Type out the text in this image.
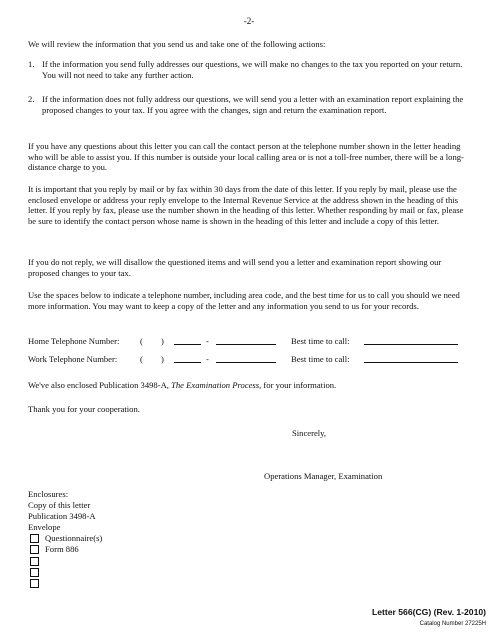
-2-
We will review the information that you send us and take one of the following actions:
1. If the information you send fully addresses our questions, we will make no changes to the tax you reported on your return. You will not need to take any further action.
2. If the information does not fully address our questions, we will send you a letter with an examination report explaining the proposed changes to your tax. If you agree with the changes, sign and return the examination report.
If you have any questions about this letter you can call the contact person at the telephone number shown in the letter heading who will be able to assist you. If this number is outside your local calling area or is not a toll-free number, there will be a long-distance charge to you.
It is important that you reply by mail or by fax within 30 days from the date of this letter. If you reply by mail, please use the enclosed envelope or address your reply envelope to the Internal Revenue Service at the address shown in the heading of this letter. If you reply by fax, please use the number shown in the heading of this letter. Whether responding by mail or fax, please be sure to identify the contact person whose name is shown in the heading of this letter and include a copy of this letter.
If you do not reply, we will disallow the questioned items and will send you a letter and examination report showing our proposed changes to your tax.
Use the spaces below to indicate a telephone number, including area code, and the best time for us to call you should we need more information. You may want to keep a copy of the letter and any information you send to us for your records.
Home Telephone Number: ( )	-	Best time to call:
Work Telephone Number:	( )	-	Best time to call:
We've also enclosed Publication 3498-A, The Examination Process, for your information.
Thank you for your cooperation.
Sincerely,
Operations Manager, Examination
Enclosures:
Copy of this letter
Publication 3498-A
Envelope
Questionnaire(s)
Form 886
Letter 566(CG) (Rev. 1-2010)
Catalog Number 27225H
